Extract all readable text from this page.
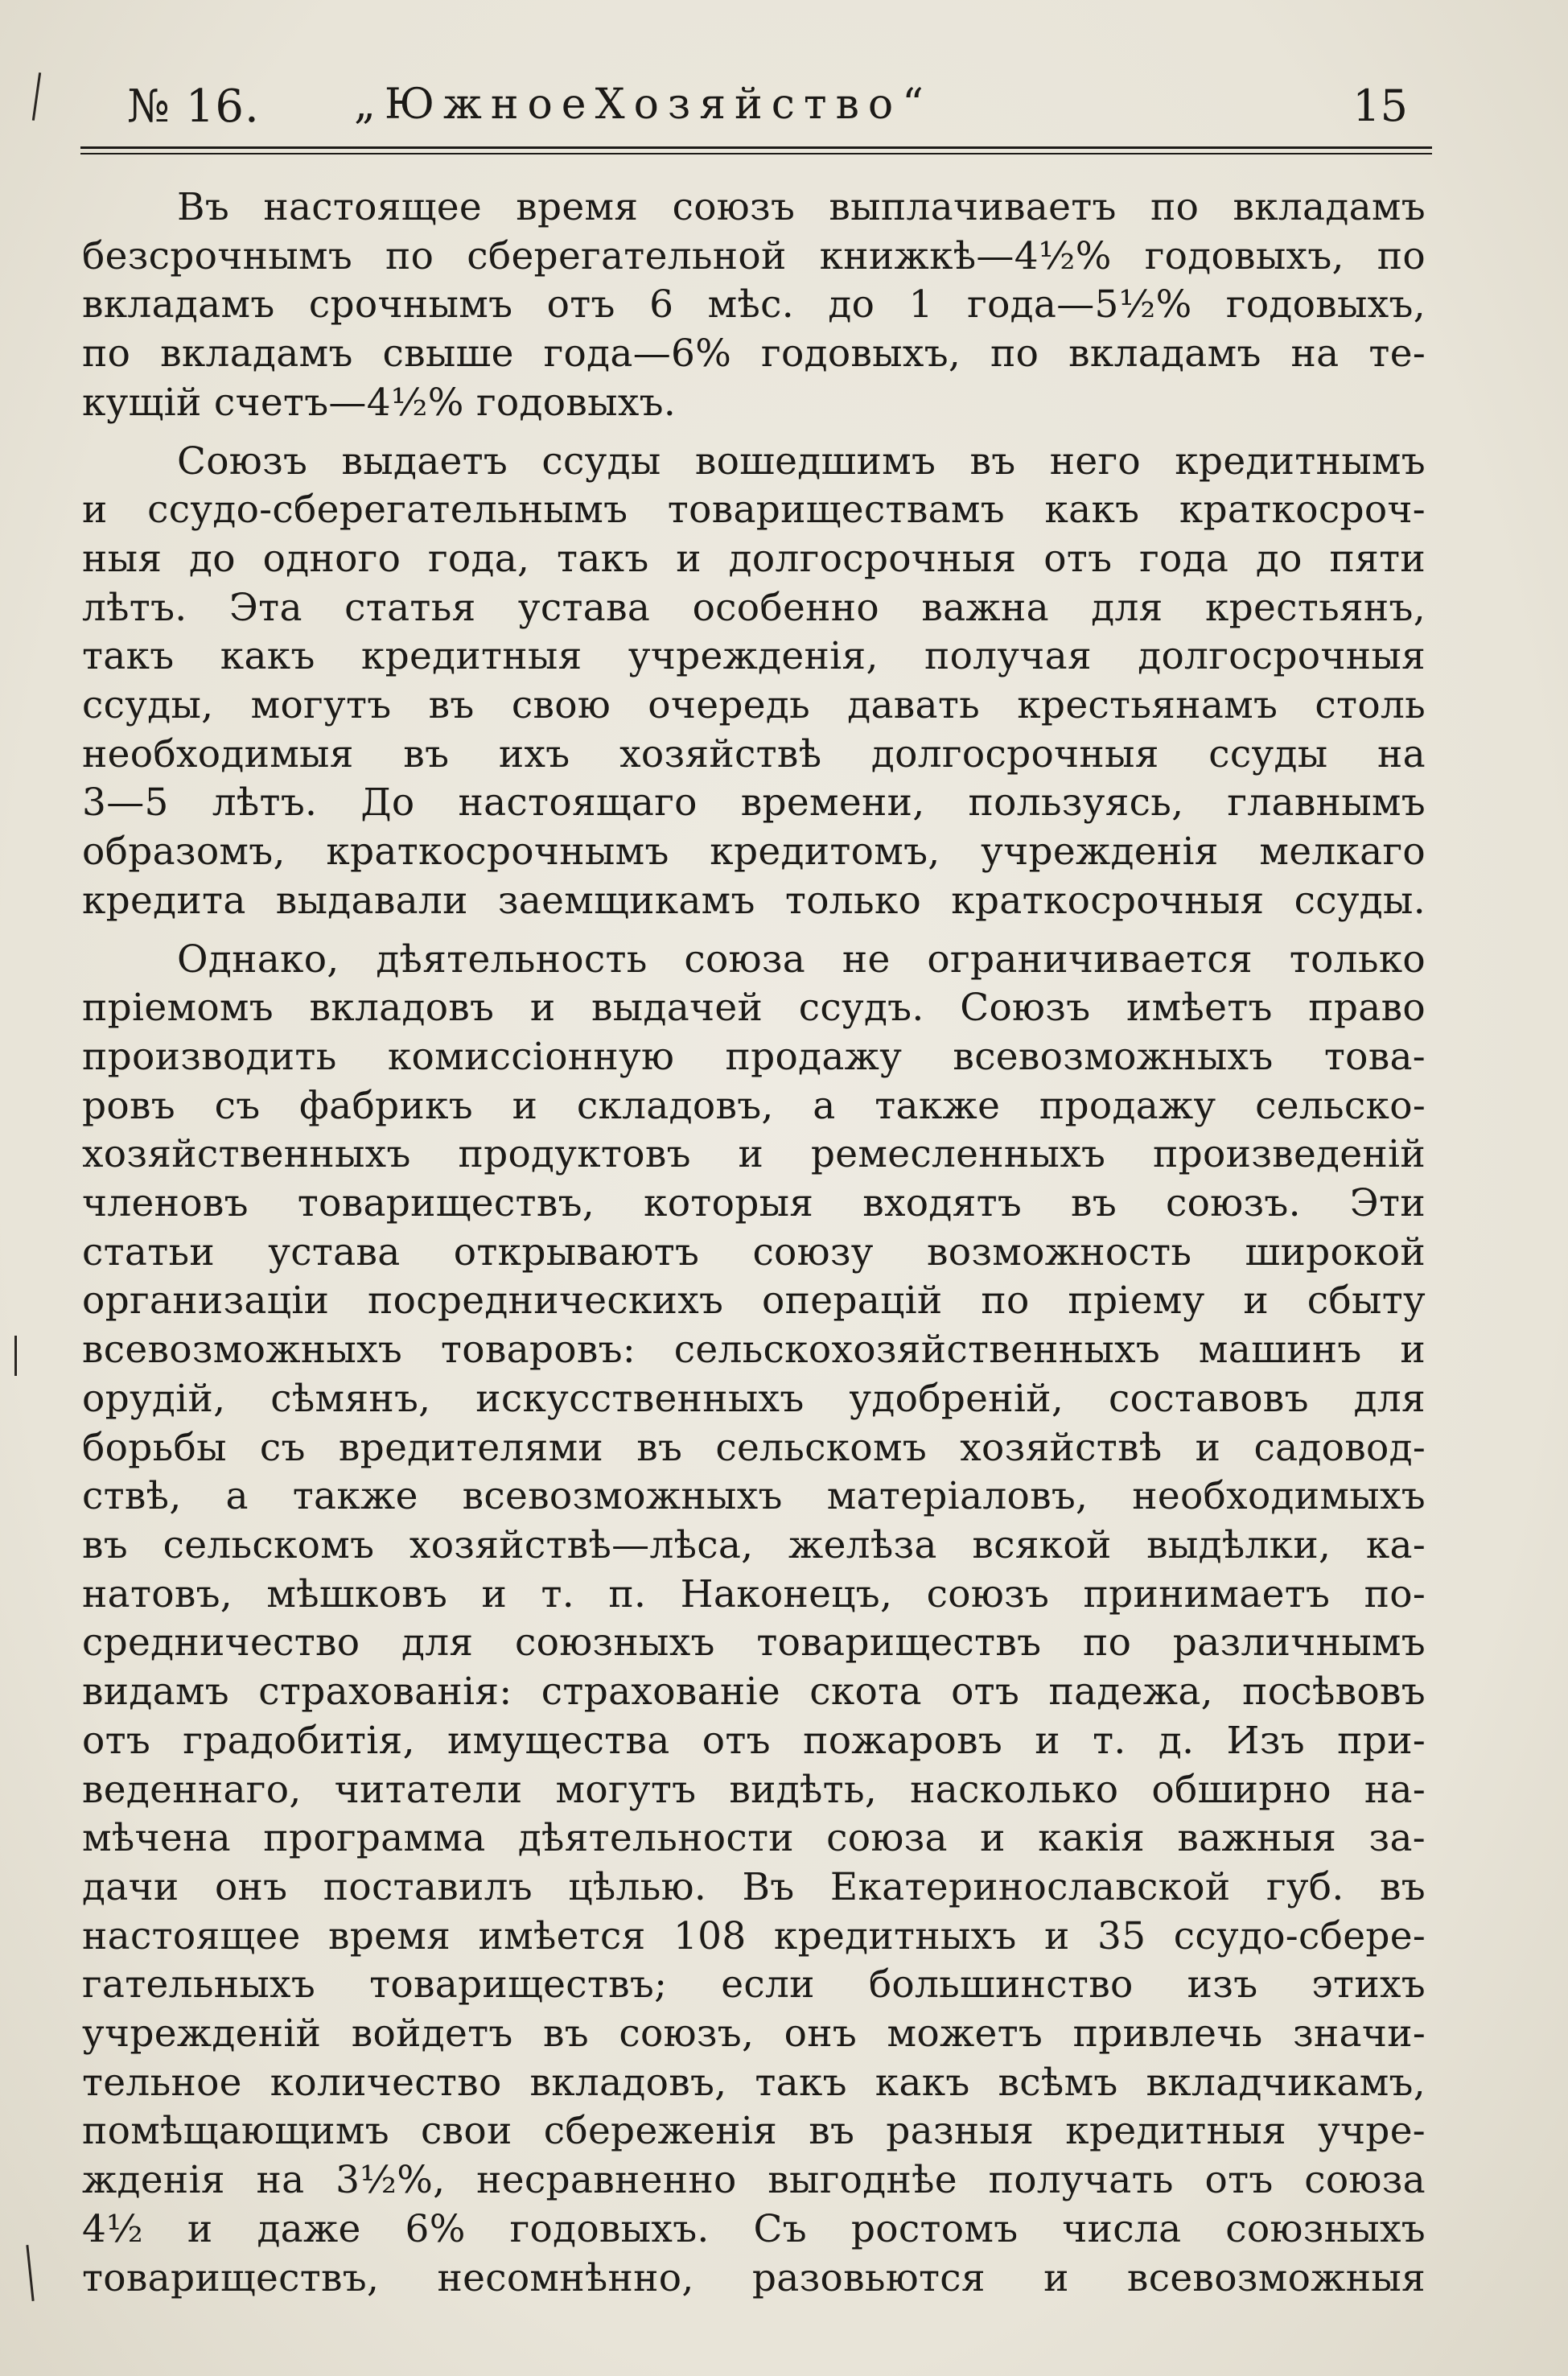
№ 16. „ЮжноеХозяйство“	15

Въ настоящее время союзъ выплачиваетъ по вкладамъ

безсрочнымъ по сберегательной книжкѣ—4½% годовыхъ, по

вкладамъ срочнымъ отъ 6 мѣс. до 1 года—5½% годовыхъ,

по вкладамъ свыше года—6% годовыхъ, по вкладамъ на те-

кущій счетъ—4½% годовыхъ.

Союзъ выдаетъ ссуды вошедшимъ въ него кредитнымъ

и ссудо-сберегательнымъ товариществамъ какъ краткосроч-

ныя до одного года, такъ и долгосрочныя отъ года до пяти

лѣтъ. Эта статья устава особенно важна для крестьянъ,

такъ какъ кредитныя учрежденія, получая долгосрочныя

ссуды, могутъ въ свою очередь давать крестьянамъ столь

необходимыя въ ихъ хозяйствѣ долгосрочныя ссуды на

3—5 лѣтъ. До настоящаго времени, пользуясь, главнымъ

образомъ, краткосрочнымъ кредитомъ, учрежденія мелкаго

кредита выдавали заемщикамъ только краткосрочныя ссуды.

Однако, дѣятельность союза не ограничивается только

пріемомъ вкладовъ и выдачей ссудъ. Союзъ имѣетъ право

производить комиссіонную продажу всевозможныхъ това-

ровъ съ фабрикъ и складовъ, а также продажу сельско-

хозяйственныхъ продуктовъ и ремесленныхъ произведеній

членовъ товариществъ, которыя входятъ въ союзъ. Эти

статьи устава открываютъ союзу возможность широкой

организаціи посредническихъ операцій по пріему и сбыту

всевозможныхъ товаровъ: сельскохозяйственныхъ машинъ и

орудій, сѣмянъ, искусственныхъ удобреній, составовъ для

борьбы съ вредителями въ сельскомъ хозяйствѣ и садовод-

ствѣ, а также всевозможныхъ матеріаловъ, необходимыхъ

въ сельскомъ хозяйствѣ—лѣса, желѣза всякой выдѣлки, ка-

натовъ, мѣшковъ и т. п. Наконецъ, союзъ принимаетъ по-

средничество для союзныхъ товариществъ по различнымъ

видамъ страхованія: страхованіе скота отъ падежа, посѣвовъ

отъ градобитія, имущества отъ пожаровъ и т. д. Изъ при-

веденнаго, читатели могутъ видѣть, насколько обширно на-

мѣчена программа дѣятельности союза и какія важныя за-

дачи онъ поставилъ цѣлью. Въ Екатеринославской губ. въ

настоящее время имѣется 108 кредитныхъ и 35 ссудо-сбере-

гательныхъ товариществъ; если большинство изъ этихъ

учрежденій войдетъ въ союзъ, онъ можетъ привлечь значи-

тельное количество вкладовъ, такъ какъ всѣмъ вкладчикамъ,

помѣщающимъ свои сбереженія въ разныя кредитныя учре-

жденія на 3½%, несравненно выгоднѣе получать отъ союза

4½ и даже 6% годовыхъ. Съ ростомъ числа союзныхъ

товариществъ, несомнѣнно, разовьются и всевозможныя
